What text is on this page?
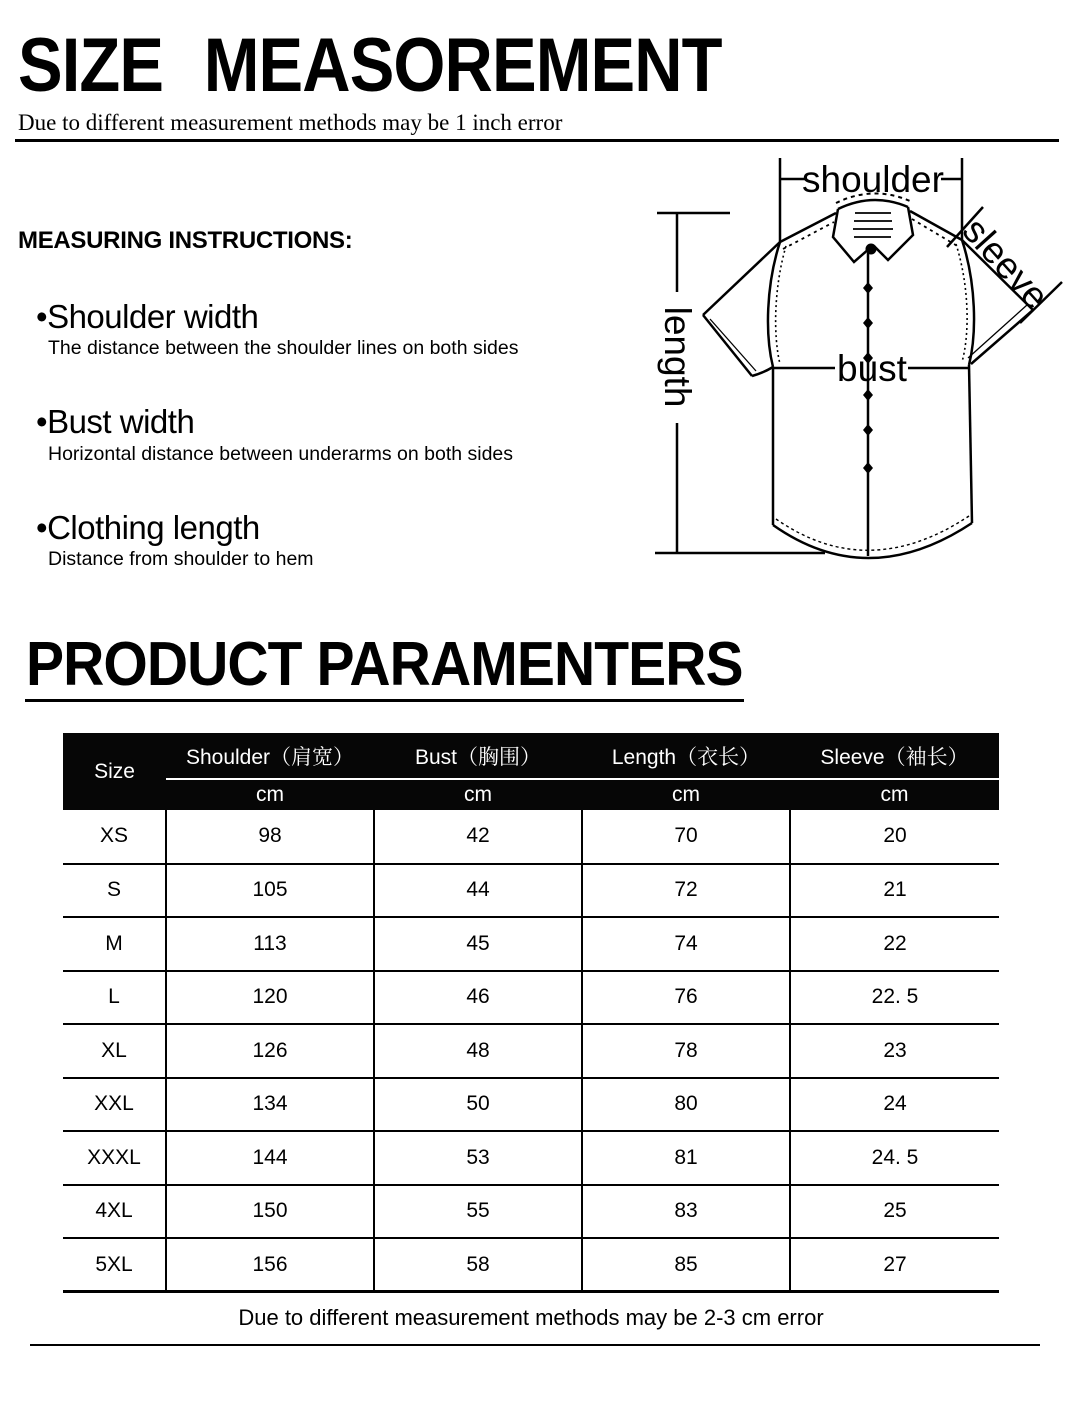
SIZE MEASOREMENT
Due to different measurement methods may be 1 inch error
MEASURING INSTRUCTIONS:
•Shoulder width
The distance between the shoulder lines on both sides
•Bust width
Horizontal distance between underarms on both sides
•Clothing length
Distance from shoulder to hem
length
shoulder
sleeve
bust
PRODUCT PARAMENTERS
Size	Shoulder（肩宽）	Bust（胸围）	Length（衣长）	Sleeve（袖长）
	cm	cm	cm	cm
XS	98	42	70	20
S	105	44	72	21
M	113	45	74	22
L	120	46	76	22. 5
XL	126	48	78	23
XXL	134	50	80	24
XXXL	144	53	81	24. 5
4XL	150	55	83	25
5XL	156	58	85	27
Due to different measurement methods may be 2-3 cm error				
